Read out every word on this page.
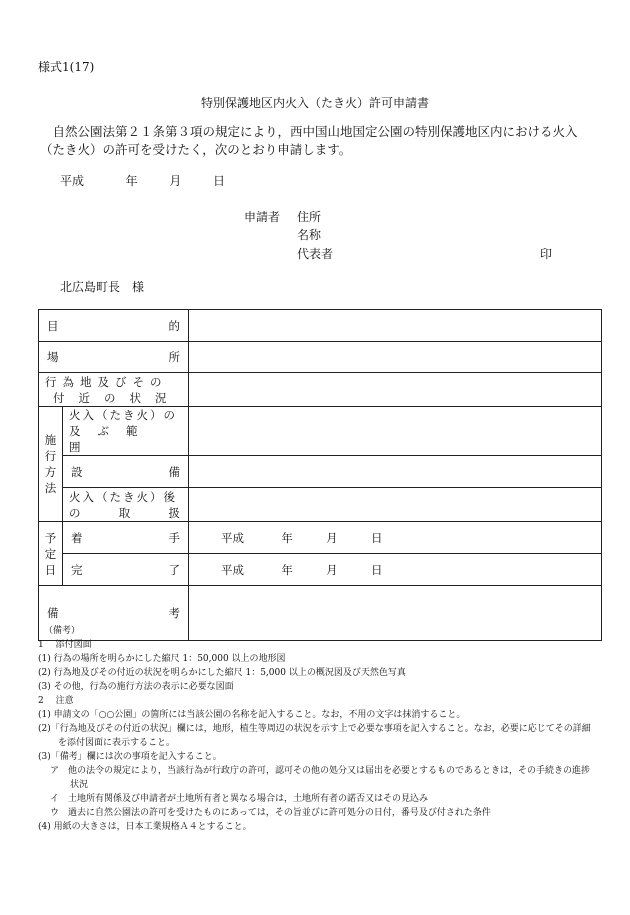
様式1(17)
特別保護地区内火入（たき火）許可申請書
自然公園法第２１条第３項の規定により，西中国山地国定公園の特別保護地区内における火入（たき火）の許可を受けたく，次のとおり申請します。
平成	年	月	日
申請者 住所
名称
代表者	印
北広島町長　様
目 的		

場 所		

行為地及びその
付近の状況		

施
行
方
法	火入（たき火）の
及ぶ範囲	

	設 備	

	火入（たき火）後
の 取 扱	

予
定
日	着 手	平成 年 月 日

	完 了	平成 年 月 日

備 考		

（備考）
1　 添付図面
(1) 行為の場所を明らかにした縮尺 1：50,000 以上の地形図
(2) 行為地及びその付近の状況を明らかにした縮尺 1：5,000 以上の概況図及び天然色写真
(3) その他，行為の施行方法の表示に必要な図面
2　 注意
(1) 申請文の「○○公園」の箇所には当該公園の名称を記入すること。なお，不用の文字は抹消すること。
(2)「行為地及びその付近の状況」欄には，地形，植生等周辺の状況を示す上で必要な事項を記入すること。なお，必要に応じてその詳細を添付図面に表示すること。
(3)「備考」欄には次の事項を記入すること。
ア　他の法令の規定により，当該行為が行政庁の許可，認可その他の処分又は届出を必要とするものであるときは，その手続きの進捗状況
イ　土地所有関係及び申請者が土地所有者と異なる場合は，土地所有者の諾否又はその見込み
ウ　過去に自然公園法の許可を受けたものにあっては，その旨並びに許可処分の日付，番号及び付された条件
(4) 用紙の大きさは，日本工業規格Ａ４とすること。
